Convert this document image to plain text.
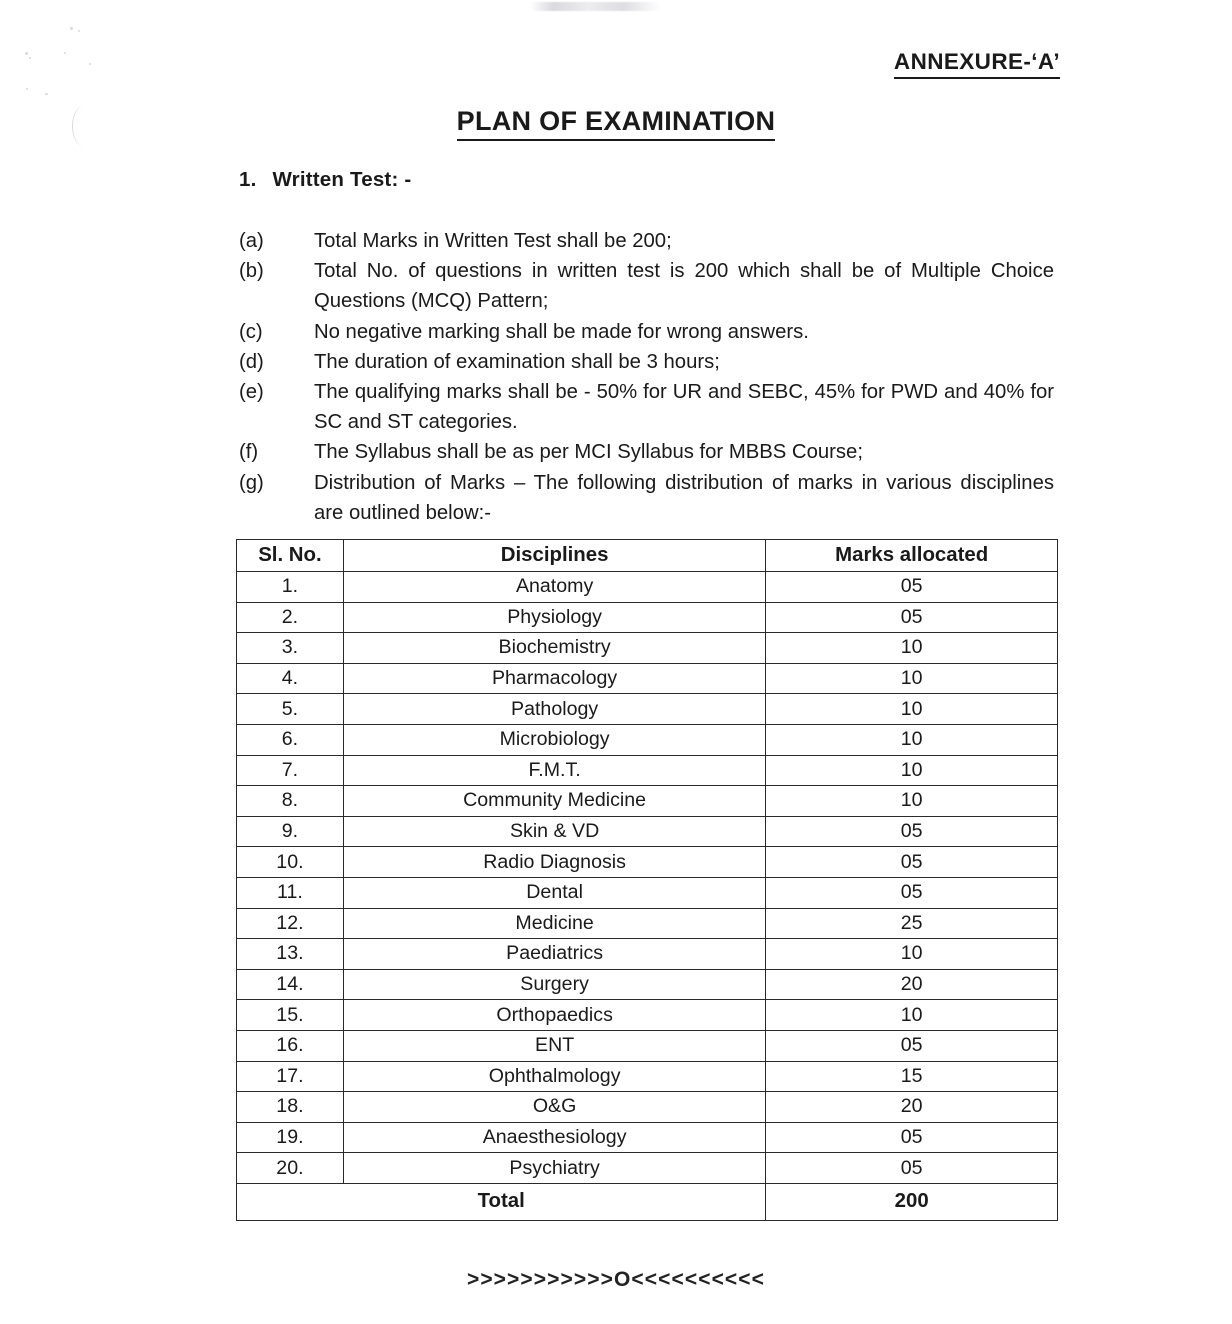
ANNEXURE-‘A’
PLAN OF EXAMINATION
1. Written Test: -
(a)	Total Marks in Written Test shall be 200;
(b)	Total No. of questions in written test is 200 which shall be of Multiple Choice Questions (MCQ) Pattern;
(c)	No negative marking shall be made for wrong answers.
(d)	The duration of examination shall be 3 hours;
(e)	The qualifying marks shall be - 50% for UR and SEBC, 45% for PWD and 40% for SC and ST categories.
(f)	The Syllabus shall be as per MCI Syllabus for MBBS Course;
(g)	Distribution of Marks – The following distribution of marks in various disciplines are outlined below:-
Sl. No.	Disciplines	Marks allocated
1.	Anatomy	05
2.	Physiology	05
3.	Biochemistry	10
4.	Pharmacology	10
5.	Pathology	10
6.	Microbiology	10
7.	F.M.T.	10
8.	Community Medicine	10
9.	Skin & VD	05
10.	Radio Diagnosis	05
11.	Dental	05
12.	Medicine	25
13.	Paediatrics	10
14.	Surgery	20
15.	Orthopaedics	10
16.	ENT	05
17.	Ophthalmology	15
18.	O&G	20
19.	Anaesthesiology	05
20.	Psychiatry	05
Total		200
>>>>>>>>>>>O<<<<<<<<<<
